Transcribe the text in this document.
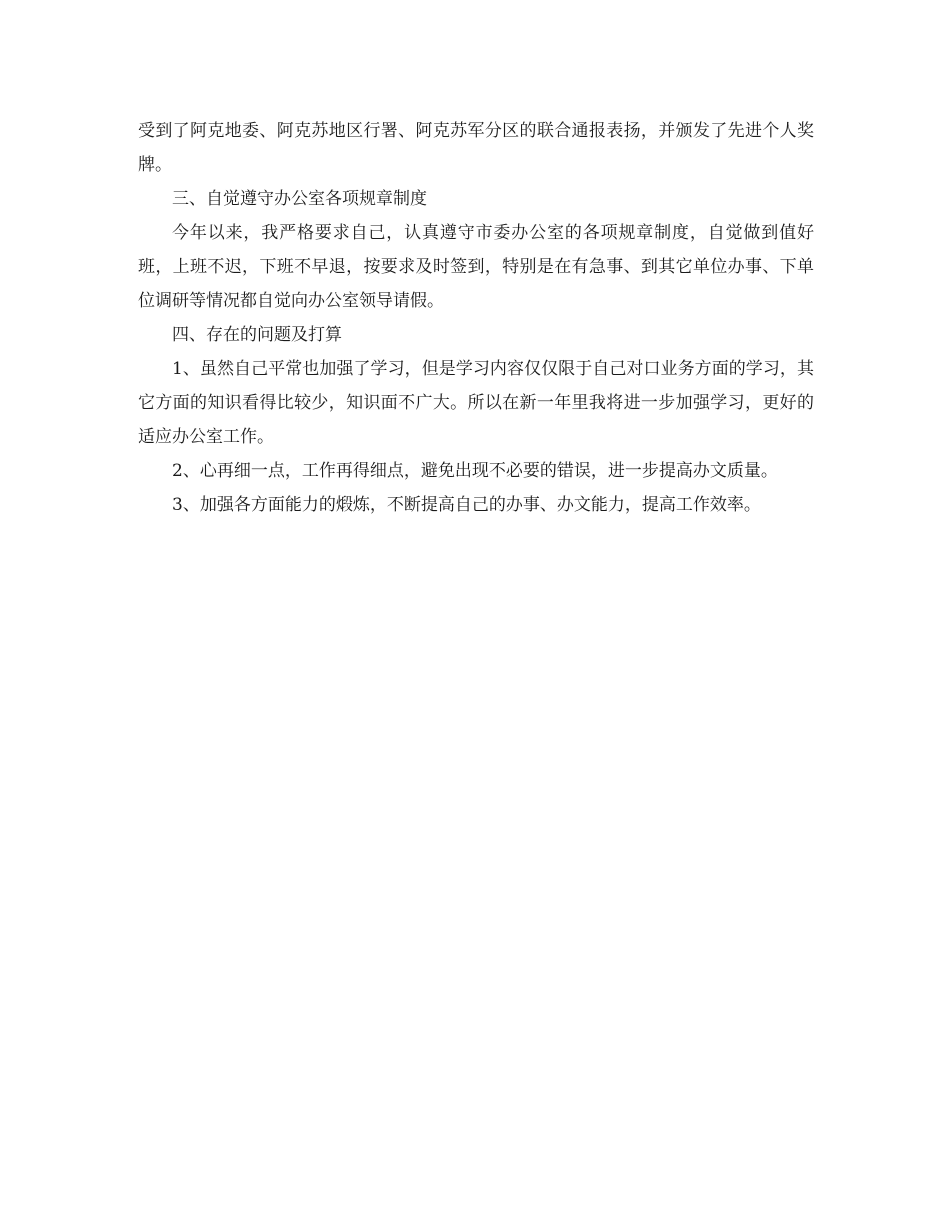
受到了阿克地委、阿克苏地区行署、阿克苏军分区的联合通报表扬，并颁发了先进个人奖牌。

三、自觉遵守办公室各项规章制度

今年以来，我严格要求自己，认真遵守市委办公室的各项规章制度，自觉做到值好班，上班不迟，下班不早退，按要求及时签到，特别是在有急事、到其它单位办事、下单位调研等情况都自觉向办公室领导请假。

四、存在的问题及打算

1、虽然自己平常也加强了学习，但是学习内容仅仅限于自己对口业务方面的学习，其它方面的知识看得比较少，知识面不广大。所以在新一年里我将进一步加强学习，更好的适应办公室工作。

2、心再细一点，工作再得细点，避免出现不必要的错误，进一步提高办文质量。

3、加强各方面能力的煅炼，不断提高自己的办事、办文能力，提高工作效率。
